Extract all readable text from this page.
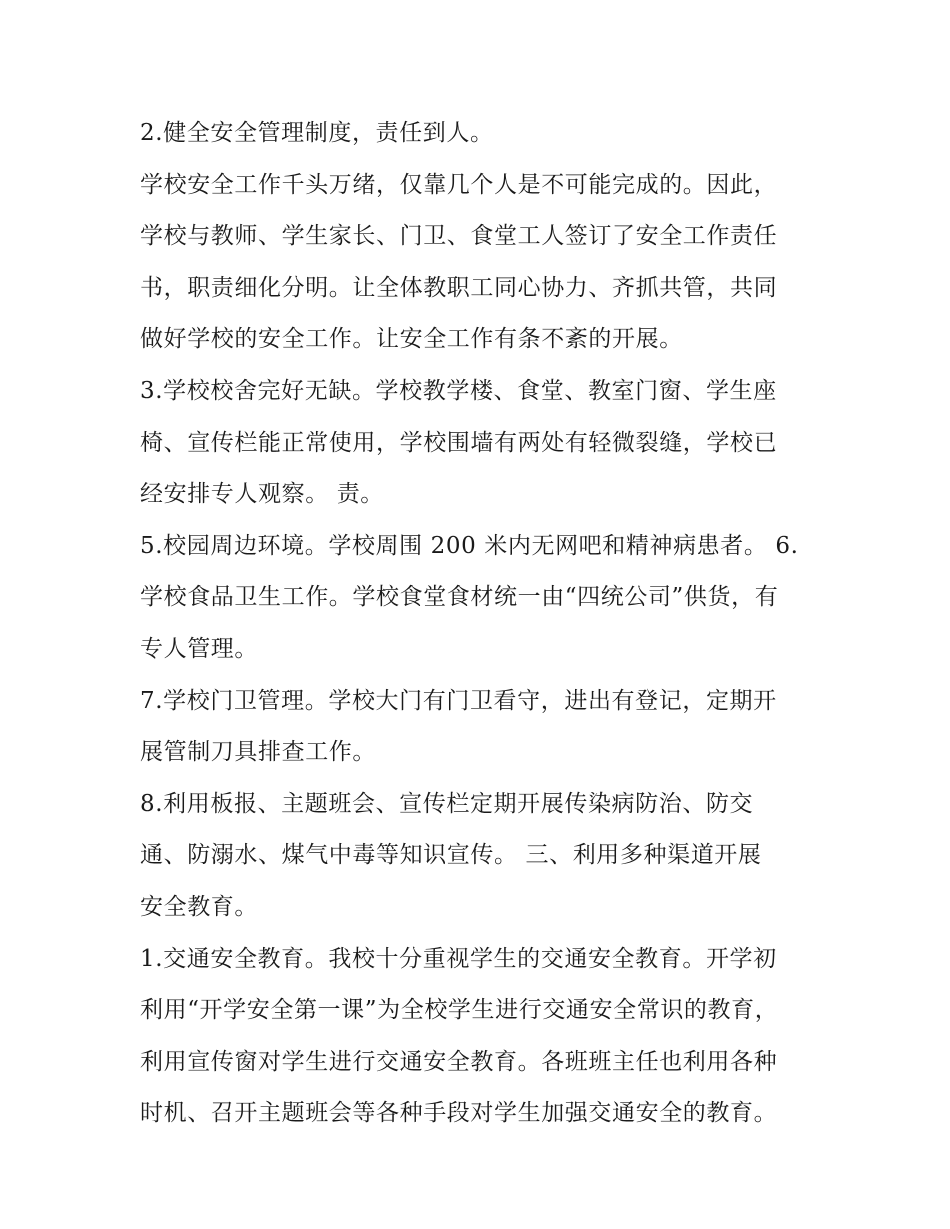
2.健全安全管理制度，责任到人。
学校安全工作千头万绪，仅靠几个人是不可能完成的。因此，
学校与教师、学生家长、门卫、食堂工人签订了安全工作责任
书，职责细化分明。让全体教职工同心协力、齐抓共管，共同
做好学校的安全工作。让安全工作有条不紊的开展。
3.学校校舍完好无缺。学校教学楼、食堂、教室门窗、学生座
椅、宣传栏能正常使用，学校围墙有两处有轻微裂缝，学校已
经安排专人观察。 责。
5.校园周边环境。学校周围 200 米内无网吧和精神病患者。 6.
学校食品卫生工作。学校食堂食材统一由“四统公司”供货，有
专人管理。
7.学校门卫管理。学校大门有门卫看守，进出有登记，定期开
展管制刀具排查工作。
8.利用板报、主题班会、宣传栏定期开展传染病防治、防交
通、防溺水、煤气中毒等知识宣传。 三、利用多种渠道开展
安全教育。
1.交通安全教育。我校十分重视学生的交通安全教育。开学初
利用“开学安全第一课”为全校学生进行交通安全常识的教育，
利用宣传窗对学生进行交通安全教育。各班班主任也利用各种
时机、召开主题班会等各种手段对学生加强交通安全的教育。
